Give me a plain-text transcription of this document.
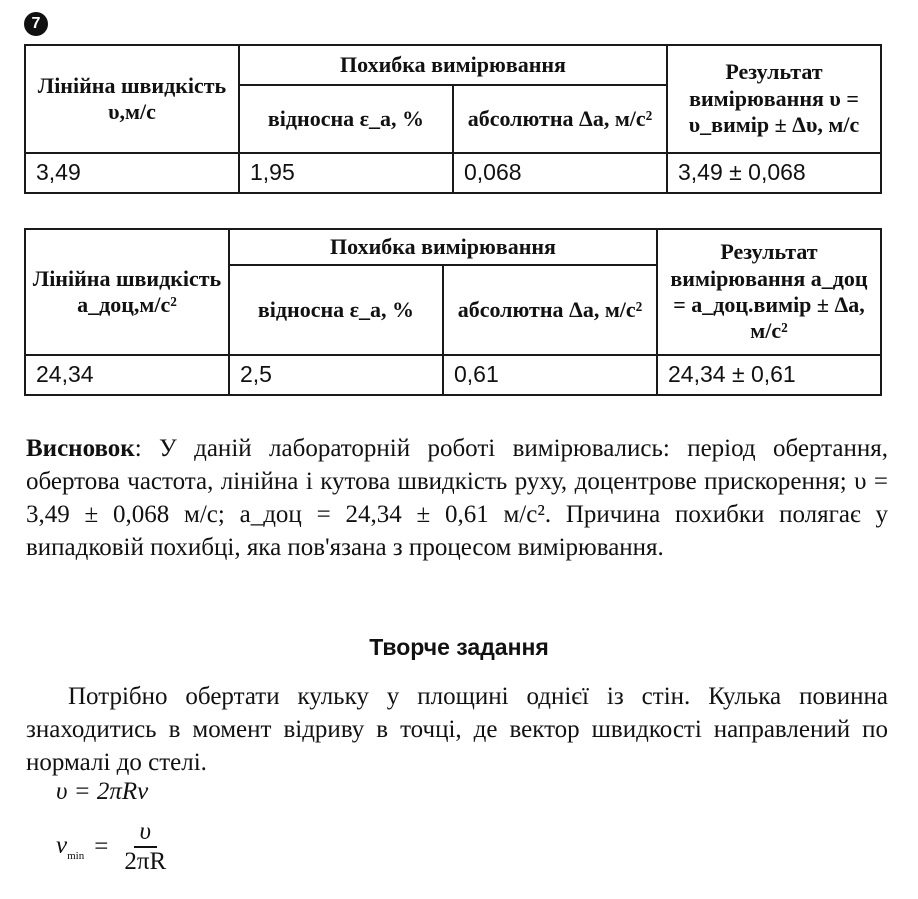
7
Лінійна швидкість υ,м/с	Похибка вимірювання		Результат вимірювання υ = υ_вимір ± Δυ, м/с
	відносна ε_a, %	абсолютна Δa, м/с²	
3,49	1,95	0,068	3,49 ± 0,068
Лінійна швидкість a_доц,м/с²	Похибка вимірювання		Результат вимірювання a_доц = a_доц.вимір ± Δa, м/с²
	відносна ε_a, %	абсолютна Δa, м/с²	
24,34	2,5	0,61	24,34 ± 0,61
Висновок: У даній лабораторній роботі вимірювались: період обертання, обертова частота, лінійна і кутова швидкість руху, доцентрове прискорення; υ = 3,49 ± 0,068 м/с; a_доц = 24,34 ± 0,61 м/с². Причина похибки полягає у випадковій похибці, яка пов'язана з процесом вимірювання.
Творче задання
Потрібно обертати кульку у площині однієї із стін. Кулька повинна знаходитись в момент відриву в точці, де вектор швидкості направлений по нормалі до стелі.
υ = 2πRν
$\nu_{min} = \frac{\upsilon}{2\pi R}$
